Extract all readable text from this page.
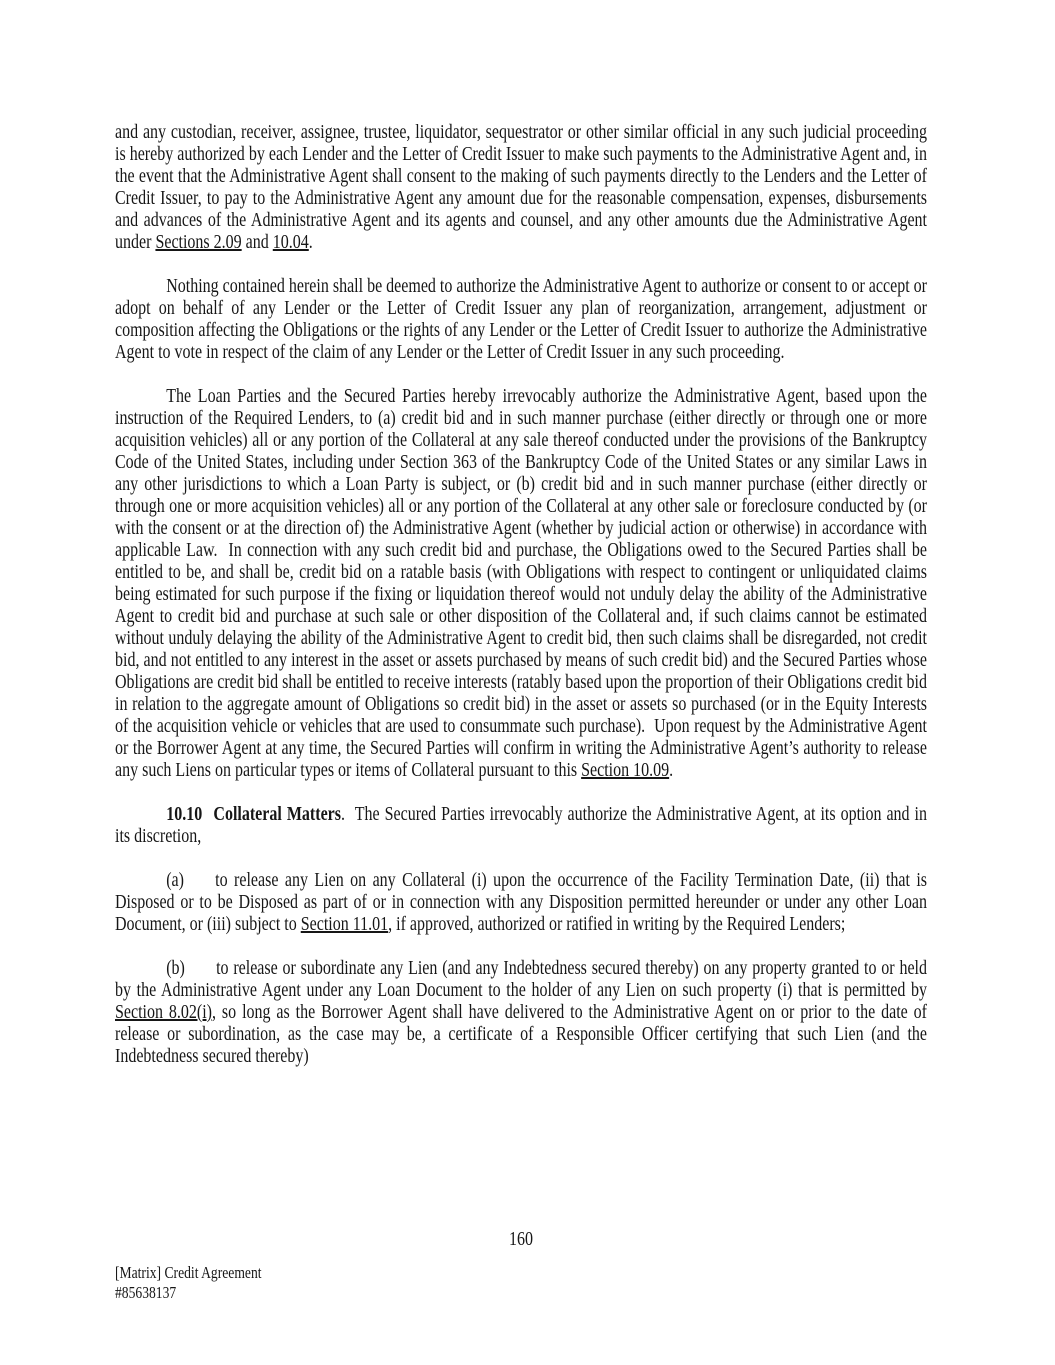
and any custodian, receiver, assignee, trustee, liquidator, sequestrator or other similar official in any such judicial proceeding is hereby authorized by each Lender and the Letter of Credit Issuer to make such payments to the Administrative Agent and, in the event that the Administrative Agent shall consent to the making of such payments directly to the Lenders and the Letter of Credit Issuer, to pay to the Administrative Agent any amount due for the reasonable compensation, expenses, disbursements and advances of the Administrative Agent and its agents and counsel, and any other amounts due the Administrative Agent under Sections 2.09 and 10.04.

Nothing contained herein shall be deemed to authorize the Administrative Agent to authorize or consent to or accept or adopt on behalf of any Lender or the Letter of Credit Issuer any plan of reorganization, arrangement, adjustment or composition affecting the Obligations or the rights of any Lender or the Letter of Credit Issuer to authorize the Administrative Agent to vote in respect of the claim of any Lender or the Letter of Credit Issuer in any such proceeding.

The Loan Parties and the Secured Parties hereby irrevocably authorize the Administrative Agent, based upon the instruction of the Required Lenders, to (a) credit bid and in such manner purchase (either directly or through one or more acquisition vehicles) all or any portion of the Collateral at any sale thereof conducted under the provisions of the Bankruptcy Code of the United States, including under Section 363 of the Bankruptcy Code of the United States or any similar Laws in any other jurisdictions to which a Loan Party is subject, or (b) credit bid and in such manner purchase (either directly or through one or more acquisition vehicles) all or any portion of the Collateral at any other sale or foreclosure conducted by (or with the consent or at the direction of) the Administrative Agent (whether by judicial action or otherwise) in accordance with applicable Law.  In connection with any such credit bid and purchase, the Obligations owed to the Secured Parties shall be entitled to be, and shall be, credit bid on a ratable basis (with Obligations with respect to contingent or unliquidated claims being estimated for such purpose if the fixing or liquidation thereof would not unduly delay the ability of the Administrative Agent to credit bid and purchase at such sale or other disposition of the Collateral and, if such claims cannot be estimated without unduly delaying the ability of the Administrative Agent to credit bid, then such claims shall be disregarded, not credit bid, and not entitled to any interest in the asset or assets purchased by means of such credit bid) and the Secured Parties whose Obligations are credit bid shall be entitled to receive interests (ratably based upon the proportion of their Obligations credit bid in relation to the aggregate amount of Obligations so credit bid) in the asset or assets so purchased (or in the Equity Interests of the acquisition vehicle or vehicles that are used to consummate such purchase).  Upon request by the Administrative Agent or the Borrower Agent at any time, the Secured Parties will confirm in writing the Administrative Agent’s authority to release any such Liens on particular types or items of Collateral pursuant to this Section 10.09.

10.10 Collateral Matters.  The Secured Parties irrevocably authorize the Administrative Agent, at its option and in its discretion,

(a) to release any Lien on any Collateral (i) upon the occurrence of the Facility Termination Date, (ii) that is Disposed or to be Disposed as part of or in connection with any Disposition permitted hereunder or under any other Loan Document, or (iii) subject to Section 11.01, if approved, authorized or ratified in writing by the Required Lenders;

(b) to release or subordinate any Lien (and any Indebtedness secured thereby) on any property granted to or held by the Administrative Agent under any Loan Document to the holder of any Lien on such property (i) that is permitted by Section 8.02(i), so long as the Borrower Agent shall have delivered to the Administrative Agent on or prior to the date of release or subordination, as the case may be, a certificate of a Responsible Officer certifying that such Lien (and the Indebtedness secured thereby)

160
[Matrix] Credit Agreement
#85638137
